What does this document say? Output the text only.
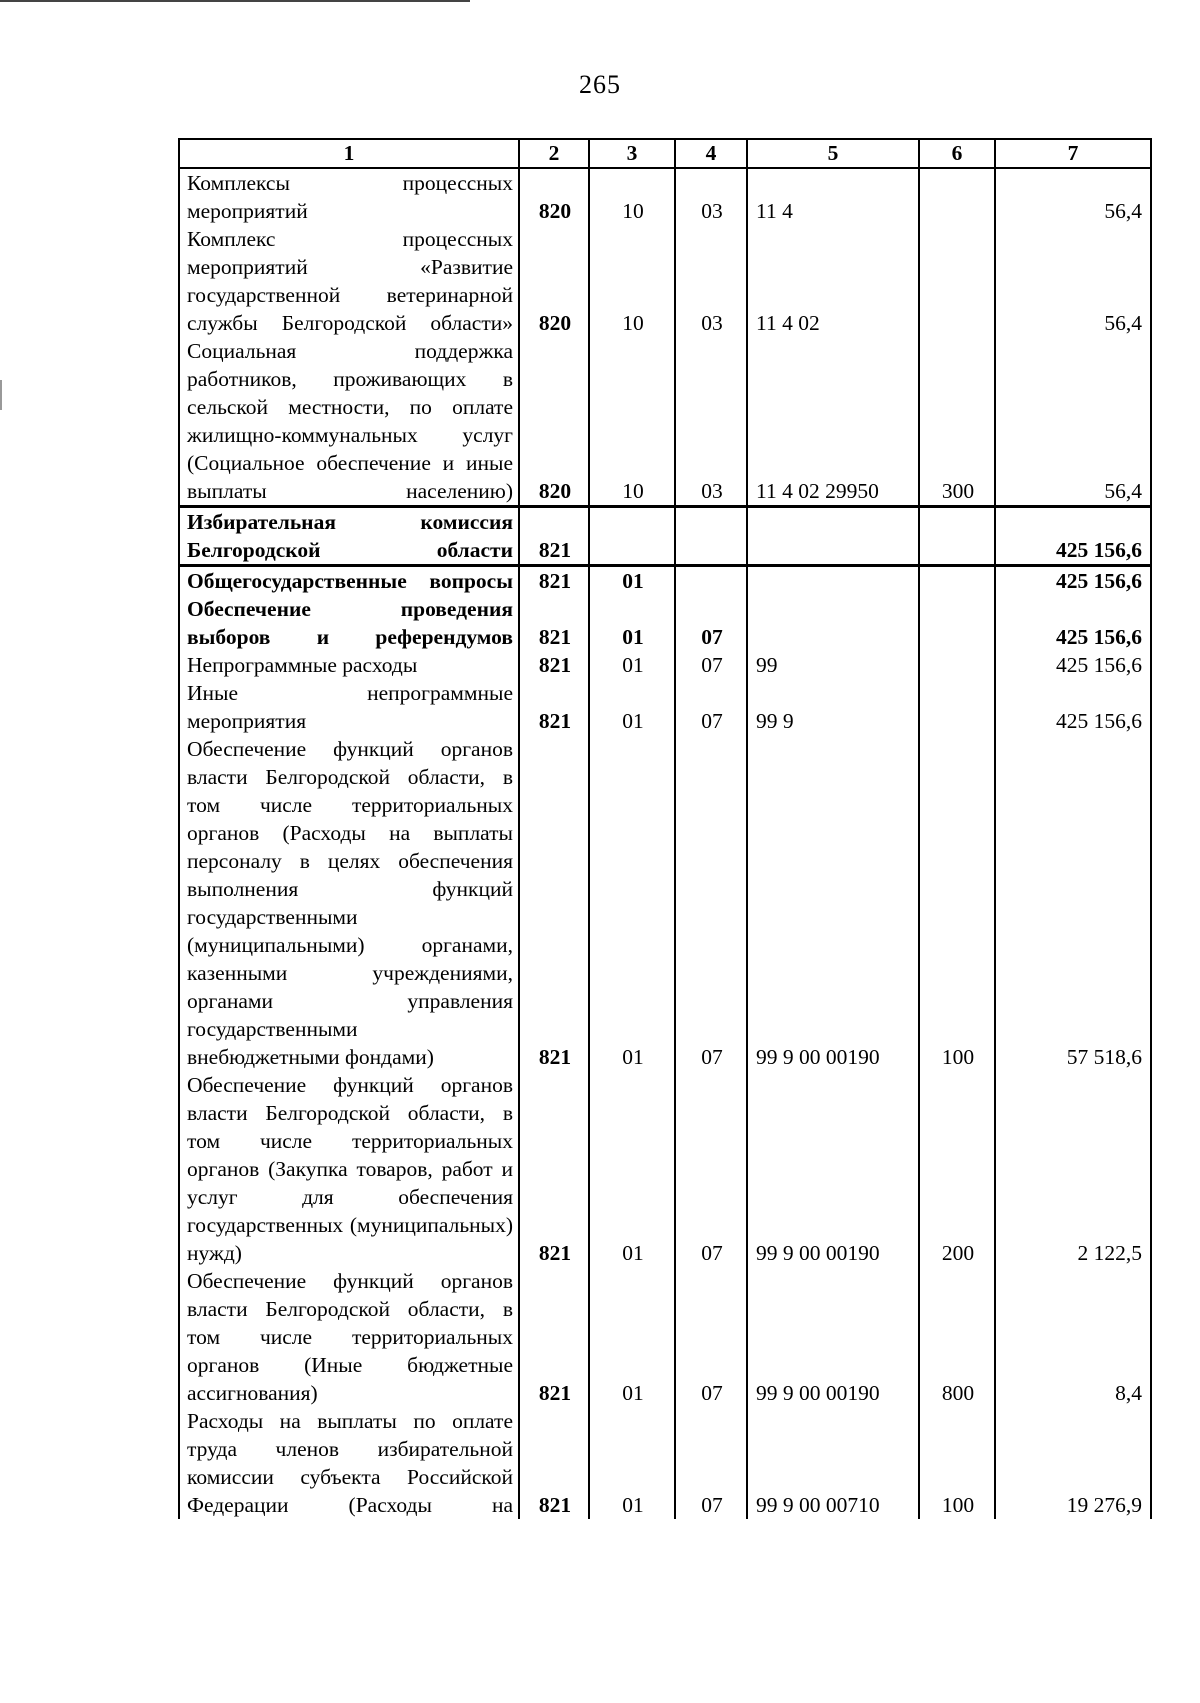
265
1	2	3	4	5	6	7
Комплексы процессных мероприятий	820	10	03	11 4		56,4
Комплекс процессных мероприятий «Развитие государственной ветеринарной службы Белгородской области»	820	10	03	11 4 02		56,4
Социальная поддержка работников, проживающих в сельской местности, по оплате жилищно-коммунальных услуг (Социальное обеспечение и иные выплаты населению)	820	10	03	11 4 02 29950	300	56,4
Избирательная комиссия Белгородской области	821					425 156,6
Общегосударственные вопросы	821	01				425 156,6
Обеспечение проведения выборов и референдумов	821	01	07			425 156,6
Непрограммные расходы	821	01	07	99		425 156,6
Иные непрограммные мероприятия	821	01	07	99 9		425 156,6
Обеспечение функций органов власти Белгородской области, в том числе территориальных органов (Расходы на выплаты персоналу в целях обеспечения выполнения функций государственными (муниципальными) органами, казенными учреждениями, органами управления государственными внебюджетными фондами)	821	01	07	99 9 00 00190	100	57 518,6
Обеспечение функций органов власти Белгородской области, в том числе территориальных органов (Закупка товаров, работ и услуг для обеспечения государственных (муниципальных) нужд)	821	01	07	99 9 00 00190	200	2 122,5
Обеспечение функций органов власти Белгородской области, в том числе территориальных органов (Иные бюджетные ассигнования)	821	01	07	99 9 00 00190	800	8,4
Расходы на выплаты по оплате труда членов избирательной комиссии субъекта Российской Федерации (Расходы на	821	01	07	99 9 00 00710	100	19 276,9
